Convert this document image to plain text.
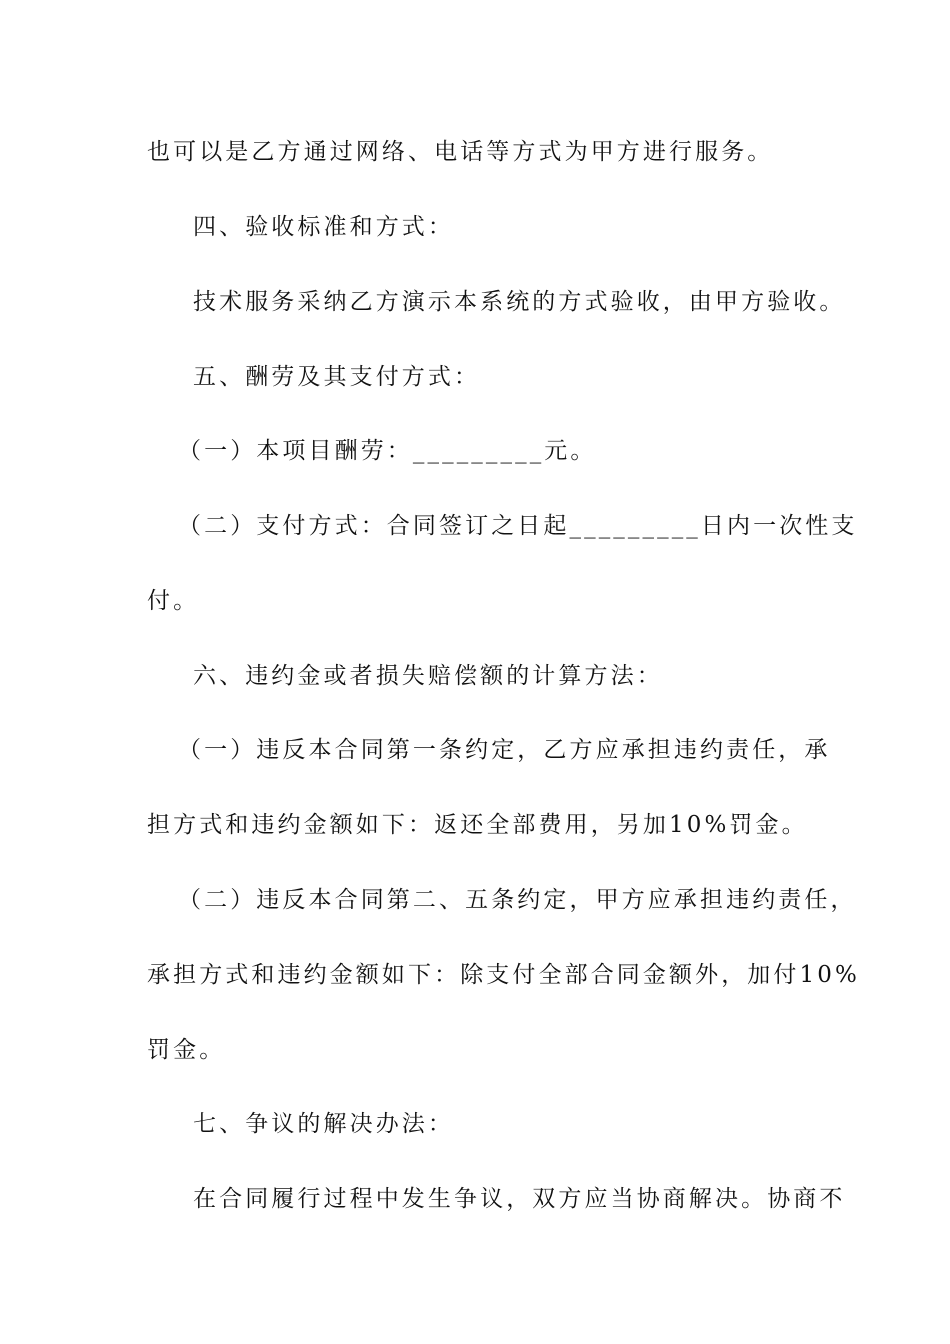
也可以是乙方通过网络、电话等方式为甲方进行服务。
四、验收标准和方式：
技术服务采纳乙方演示本系统的方式验收，由甲方验收。
五、酬劳及其支付方式：
（一）本项目酬劳：_________元。
（二）支付方式：合同签订之日起_________日内一次性支
付。
六、违约金或者损失赔偿额的计算方法：
（一）违反本合同第一条约定，乙方应承担违约责任，承
担方式和违约金额如下：返还全部费用，另加10%罚金。
（二）违反本合同第二、五条约定，甲方应承担违约责任，
承担方式和违约金额如下：除支付全部合同金额外，加付10%
罚金。
七、争议的解决办法：
在合同履行过程中发生争议，双方应当协商解决。协商不
